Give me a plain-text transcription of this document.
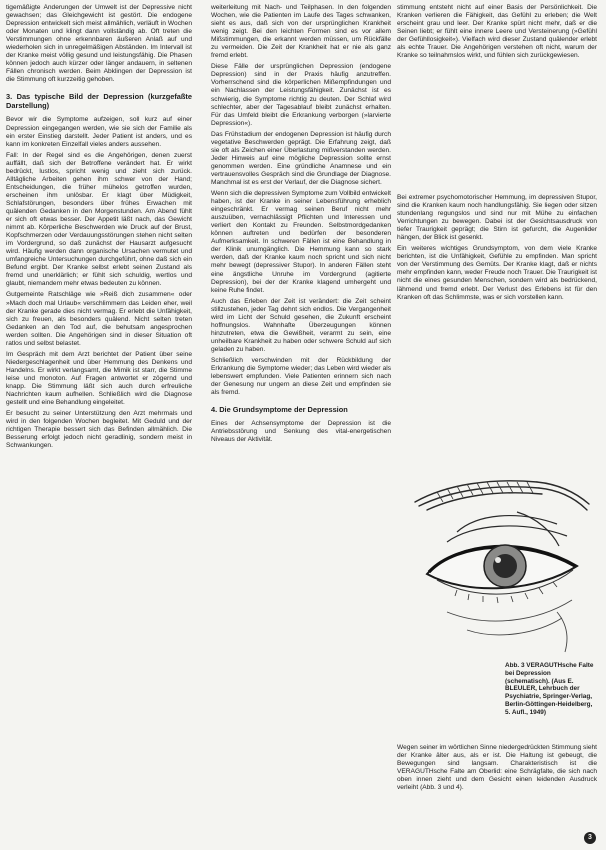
tigemäßigte Änderungen der Umwelt ist der Depressive nicht gewachsen; das Gleichgewicht ist gestört. Die endogene Depression entwickelt sich meist allmählich, verläuft in Wochen oder Monaten und klingt dann vollständig ab. Oft treten die Verstimmungen ohne erkennbaren äußeren Anlaß auf und wiederholen sich in unregelmäßigen Abständen. Im Intervall ist der Kranke meist völlig gesund und leistungsfähig. Die Phasen können jedoch auch kürzer oder länger andauern, in seltenen Fällen chronisch werden. Beim Abklingen der Depression ist die Stimmung oft kurzzeitig gehoben.

3. Das typische Bild der Depression (kurzgefaßte Darstellung)

Bevor wir die Symptome aufzeigen, soll kurz auf einer Depression eingegangen werden, wie sie sich der Familie als ein erster Einstieg darstellt. Jeder Patient ist anders, und es kann im konkreten Einzelfall vieles anders aussehen.

Fall: In der Regel sind es die Angehörigen, denen zuerst auffällt, daß sich der Betroffene verändert hat. Er wirkt bedrückt, lustlos, spricht wenig und zieht sich zurück. Alltägliche Arbeiten gehen ihm schwer von der Hand; Entscheidungen, die früher mühelos getroffen wurden, erscheinen ihm unlösbar. Er klagt über Müdigkeit, Schlafstörungen, besonders über frühes Erwachen mit quälenden Gedanken in den Morgenstunden. Am Abend fühlt er sich oft etwas besser. Der Appetit läßt nach, das Gewicht nimmt ab. Körperliche Beschwerden wie Druck auf der Brust, Kopfschmerzen oder Verdauungsstörungen stehen nicht selten im Vordergrund, so daß zunächst der Hausarzt aufgesucht wird. Häufig werden dann organische Ursachen vermutet und umfangreiche Untersuchungen durchgeführt, ohne daß sich ein Befund ergibt. Der Kranke selbst erlebt seinen Zustand als fremd und unerklärlich; er fühlt sich schuldig, wertlos und glaubt, niemandem mehr etwas bedeuten zu können.

Gutgemeinte Ratschläge wie »Reiß dich zusammen« oder »Mach doch mal Urlaub« verschlimmern das Leiden eher, weil der Kranke gerade dies nicht vermag. Er erlebt die Unfähigkeit, sich zu freuen, als besonders quälend. Nicht selten treten Gedanken an den Tod auf, die behutsam angesprochen werden sollten. Die Angehörigen sind in dieser Situation oft ratlos und selbst belastet.

Im Gespräch mit dem Arzt berichtet der Patient über seine Niedergeschlagenheit und über Hemmung des Denkens und Handelns. Er wirkt verlangsamt, die Mimik ist starr, die Stimme leise und monoton. Auf Fragen antwortet er zögernd und knapp. Die Stimmung läßt sich auch durch erfreuliche Nachrichten kaum aufhellen. Schließlich wird die Diagnose gestellt und eine Behandlung eingeleitet.

Er besucht zu seiner Unterstützung den Arzt mehrmals und wird in den folgenden Wochen begleitet. Mit Geduld und der richtigen Therapie bessert sich das Befinden allmählich. Die Besserung erfolgt jedoch nicht geradlinig, sondern meist in Schwankungen.

weiterleitung mit Nach- und Teilphasen. In den folgenden Wochen, wie die Patienten im Laufe des Tages schwanken, sieht es aus, daß sich von der ursprünglichen Krankheit wenig zeigt. Bei den leichten Formen sind es vor allem Mißstimmungen, die erkannt werden müssen, um Rückfälle zu vermeiden. Die Zeit der Krankheit hat er nie als ganz fremd erlebt.

Diese Fälle der ursprünglichen Depression (endogene Depression) sind in der Praxis häufig anzutreffen. Vorherrschend sind die körperlichen Mißempfindungen und ein Nachlassen der Leistungsfähigkeit. Zunächst ist es schwierig, die Symptome richtig zu deuten. Der Schlaf wird schlechter, aber der Tagesablauf bleibt zunächst erhalten. Für das Umfeld bleibt die Erkrankung verborgen (»larvierte Depression«).

Das Frühstadium der endogenen Depression ist häufig durch vegetative Beschwerden geprägt. Die Erfahrung zeigt, daß sie oft als Zeichen einer Überlastung mißverstanden werden. Jeder Hinweis auf eine mögliche Depression sollte ernst genommen werden. Eine gründliche Anamnese und ein vertrauensvolles Gespräch sind die Grundlage der Diagnose. Manchmal ist es erst der Verlauf, der die Diagnose sichert.

Wenn sich die depressiven Symptome zum Vollbild entwickelt haben, ist der Kranke in seiner Lebensführung erheblich eingeschränkt. Er vermag seinen Beruf nicht mehr auszuüben, vernachlässigt Pflichten und Interessen und verliert den Kontakt zu Freunden. Selbstmordgedanken können auftreten und bedürfen der besonderen Aufmerksamkeit. In schweren Fällen ist eine Behandlung in der Klinik unumgänglich. Die Hemmung kann so stark werden, daß der Kranke kaum noch spricht und sich nicht mehr bewegt (depressiver Stupor). In anderen Fällen steht eine ängstliche Unruhe im Vordergrund (agitierte Depression), bei der der Kranke klagend umhergeht und keine Ruhe findet.

Auch das Erleben der Zeit ist verändert: die Zeit scheint stillzustehen, jeder Tag dehnt sich endlos. Die Vergangenheit wird im Licht der Schuld gesehen, die Zukunft erscheint hoffnungslos. Wahnhafte Überzeugungen können hinzutreten, etwa die Gewißheit, verarmt zu sein, eine unheilbare Krankheit zu haben oder schwere Schuld auf sich geladen zu haben.

Schließlich verschwinden mit der Rückbildung der Erkrankung die Symptome wieder; das Leben wird wieder als lebenswert empfunden. Viele Patienten erinnern sich nach der Genesung nur ungern an diese Zeit und empfinden sie als fremd.

4. Die Grundsymptome der Depression

Eines der Achsensymptome der Depression ist die Antriebsstörung und Senkung des vital-energetischen Niveaus der Aktivität.

stimmung entsteht nicht auf einer Basis der Persönlichkeit. Die Kranken verlieren die Fähigkeit, das Gefühl zu erleben; die Welt erscheint grau und leer. Der Kranke spürt nicht mehr, daß er die Seinen liebt; er fühlt eine innere Leere und Versteinerung (»Gefühl der Gefühllosigkeit«). Vielfach wird dieser Zustand quälender erlebt als echte Trauer. Die Angehörigen verstehen oft nicht, warum der Kranke so teilnahmslos wirkt, und fühlen sich zurückgewiesen.

Bei extremer psychomotorischer Hemmung, im depressiven Stupor, sind die Kranken kaum noch handlungsfähig. Sie liegen oder sitzen stundenlang regungslos und sind nur mit Mühe zu einfachen Verrichtungen zu bewegen. Dabei ist der Gesichtsausdruck von tiefer Traurigkeit geprägt; die Stirn ist gefurcht, die Augenlider hängen, der Blick ist gesenkt.

Ein weiteres wichtiges Grundsymptom, von dem viele Kranke berichten, ist die Unfähigkeit, Gefühle zu empfinden. Man spricht von der Verstimmung des Gemüts. Der Kranke klagt, daß er nichts mehr empfinden kann, weder Freude noch Trauer. Die Traurigkeit ist nicht die eines gesunden Menschen, sondern wird als bedrückend, lähmend und fremd erlebt. Der Verlust des Erlebens ist für den Kranken oft das Schlimmste, was er sich vorstellen kann.

Wegen seiner im wörtlichen Sinne niedergedrückten Stimmung sieht der Kranke älter aus, als er ist. Die Haltung ist gebeugt, die Bewegungen sind langsam. Charakteristisch ist die VERAGUTHsche Falte am Oberlid: eine Schrägfalte, die sich nach oben innen zieht und dem Gesicht einen leidenden Ausdruck verleiht (Abb. 3 und 4).

Abb. 3 VERAGUTHsche Falte bei Depression (schematisch). (Aus E. BLEULER, Lehrbuch der Psychiatrie, Springer-Verlag, Berlin-Göttingen-Heidelberg, 5. Aufl., 1949)
3
